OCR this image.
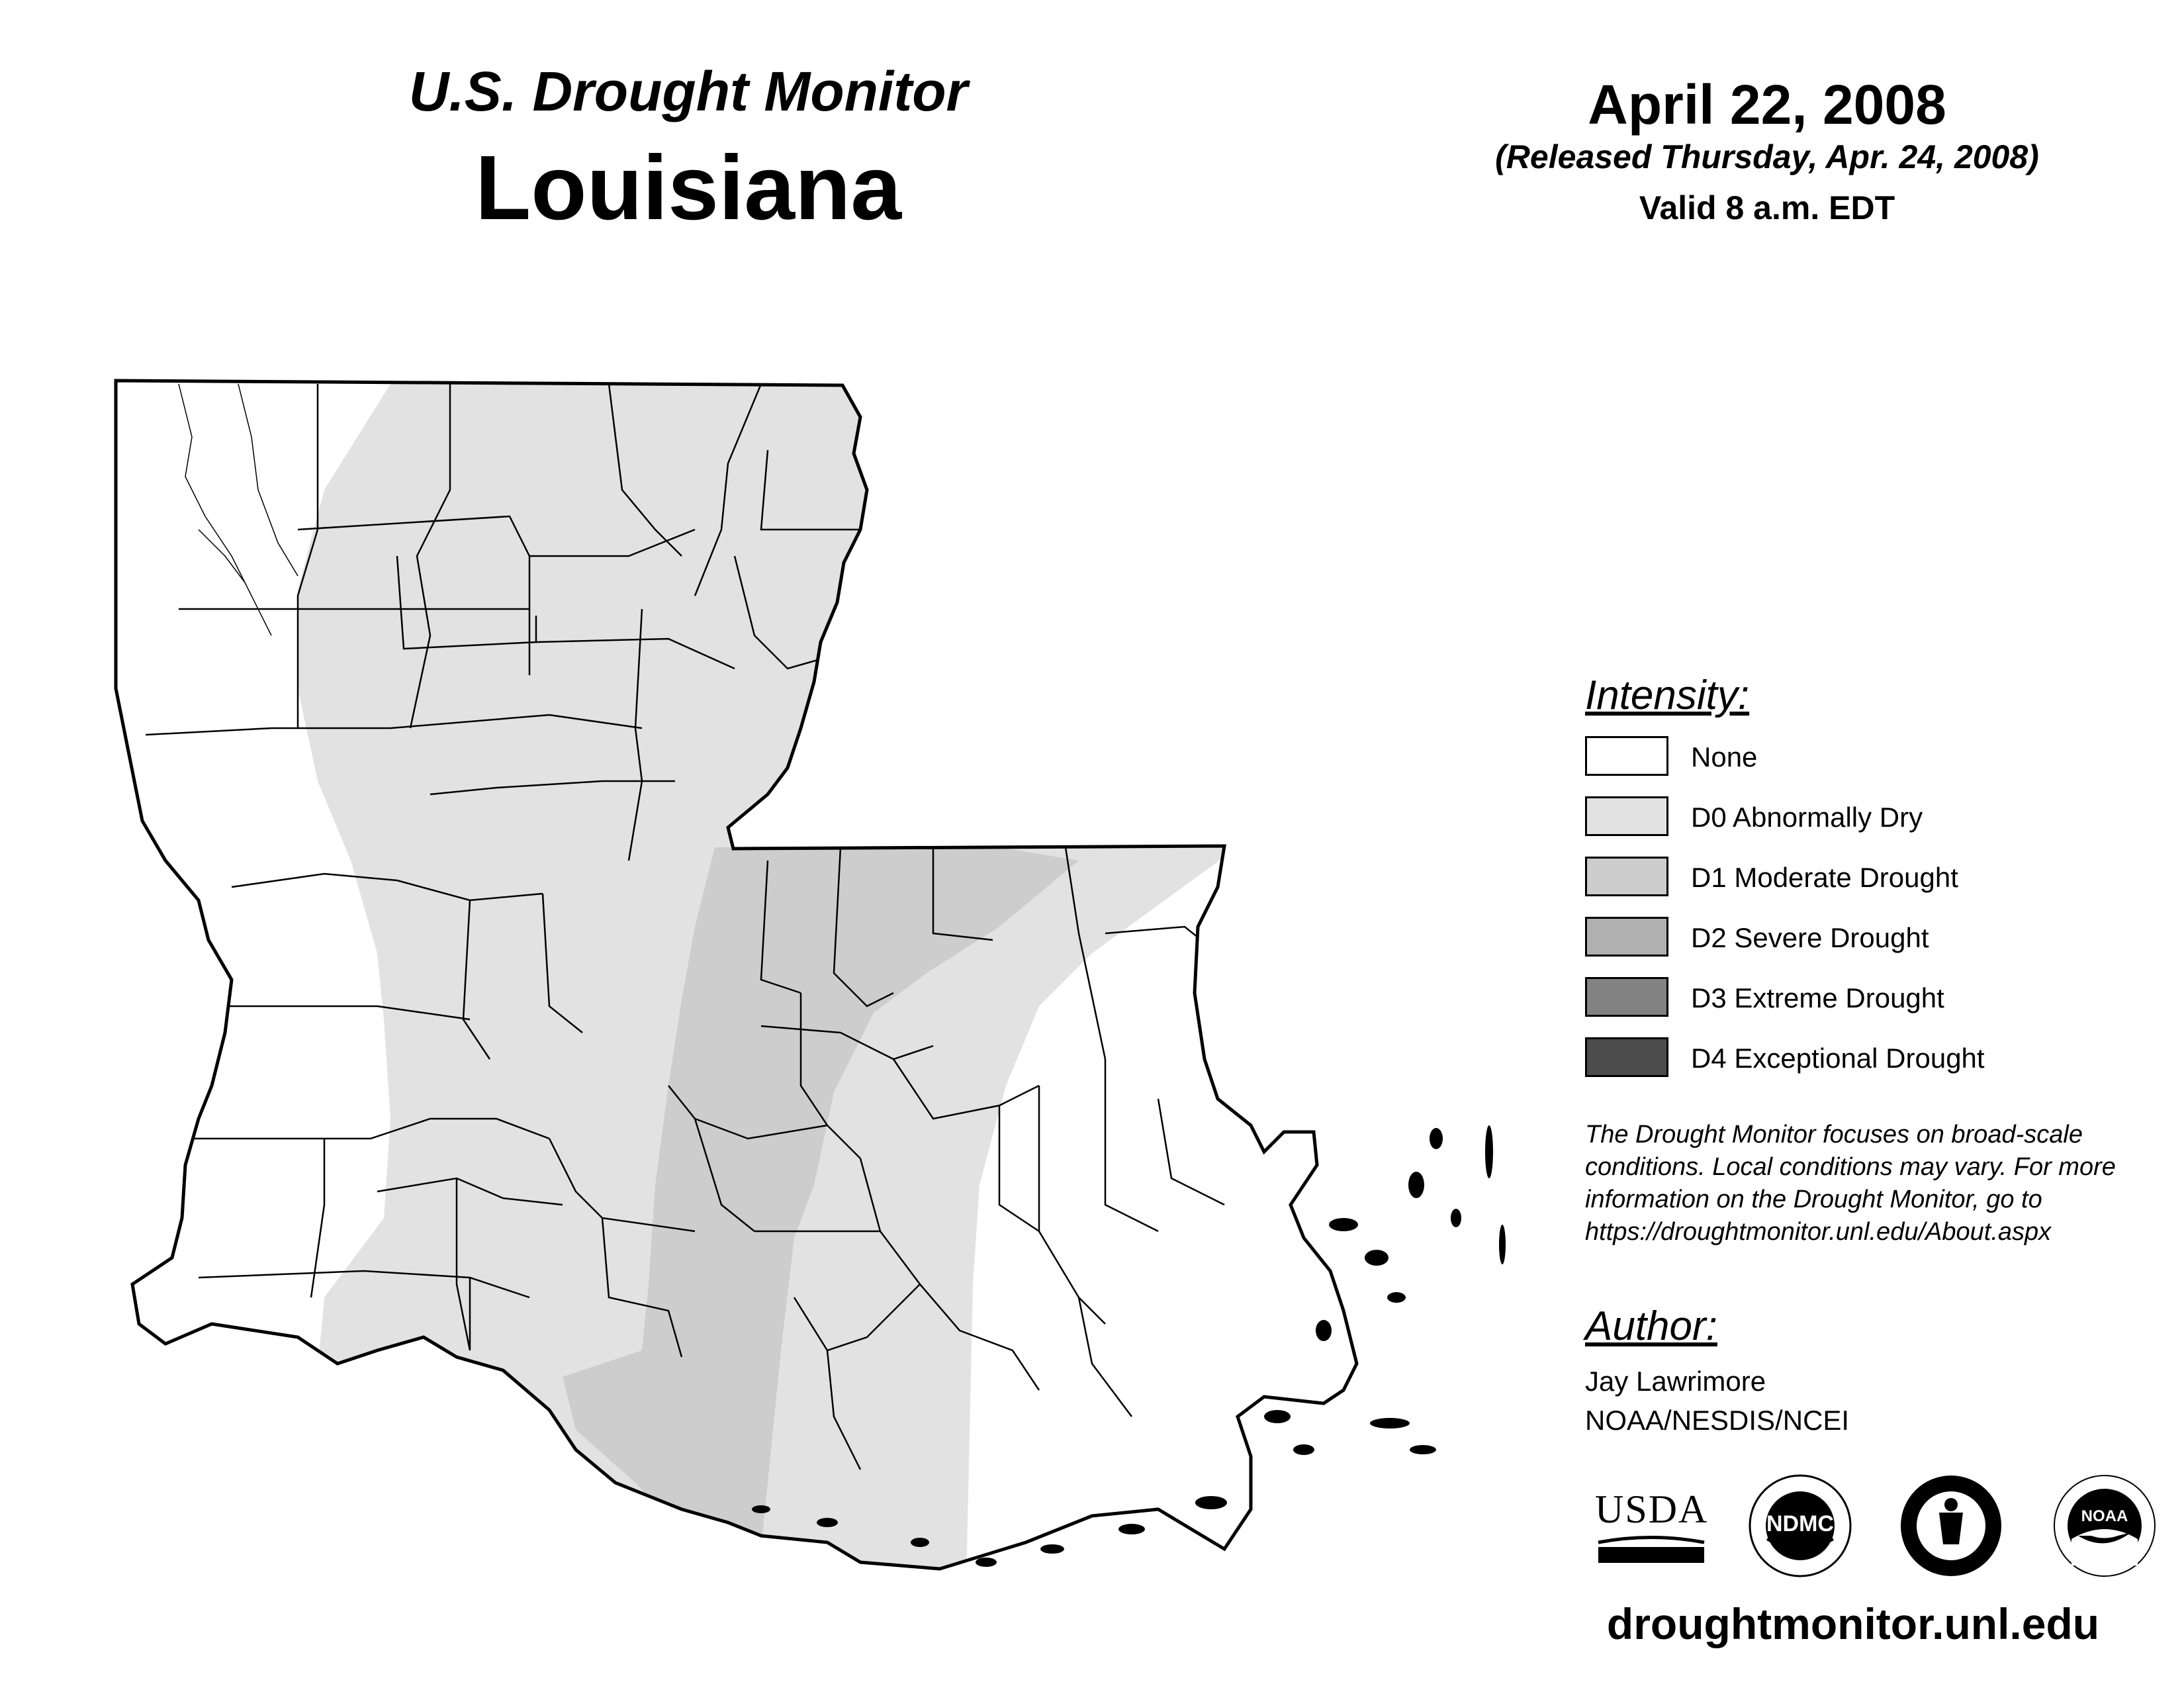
U.S. Drought Monitor
Louisiana
April 22, 2008
(Released Thursday, Apr. 24, 2008)
Valid 8 a.m. EDT
Intensity:
None
D0 Abnormally Dry
D1 Moderate Drought
D2 Severe Drought
D3 Extreme Drought
D4 Exceptional Drought
The Drought Monitor focuses on broad-scale conditions. Local conditions may vary. For more information on the Drought Monitor, go to https://droughtmonitor.unl.edu/About.aspx
Author:
Jay Lawrimore
NOAA/NESDIS/NCEI
USDA	NDMC	NOAA
droughtmonitor.unl.edu
